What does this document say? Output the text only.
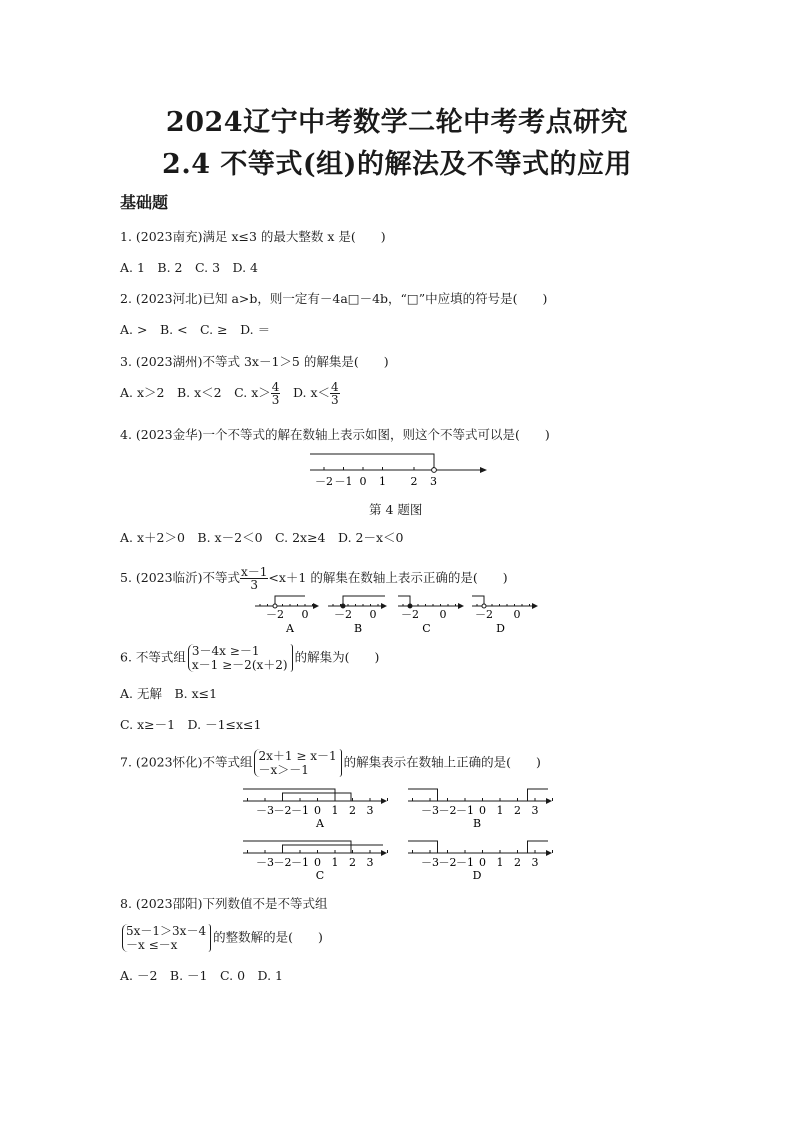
2024辽宁中考数学二轮中考考点研究
2.4 不等式(组)的解法及不等式的应用
基础题
1. (2023南充)满足 x≤3 的最大整数 x 是(　　)
A. 1　B. 2　C. 3　D. 4
2. (2023河北)已知 a>b，则一定有－4a□－4b，“□”中应填的符号是(　　)
A. >　B. <　C. ≥　D. ＝
3. (2023湖州)不等式 3x－1＞5 的解集是(　　)
A. x＞2　 B. x＜2　 C. $x> \frac{4}{3}$
　 D. $x< \frac{4}{3}$
4. (2023金华)一个不等式的解在数轴上表示如图，则这个不等式可以是(　　)
－2 －1 0 1 2 3
第 4 题图
A. x＋2＞0　B. x－2＜0　C. 2x≥4　D. 2－x＜0
5. (2023临沂)不等式 $\frac{x-1}{3} <x+1$ 的解集在数轴上表示正确的是(　　)
－2 0
A
－2 0
B
－2 0
C
－2 0
D
6. 不等式组 3－4x ≥－1
x－1 ≥－2(x＋2)
的解集为(　　)
A. 无解　B. x≤1
C. x≥－1　D. －1≤x≤1
7. (2023怀化)不等式组 2x＋1 ≥ x－1
－x＞－1
的解集表示在数轴上正确的是(　　)
－3 －2 －1 0 1 2 3
A
－3 －2 －1 0 1 2 3
B
－3 －2 －1 0 1 2 3
C
－3 －2 －1 0 1 2 3
D
8. (2023邵阳)下列数值不是不等式组
5x－1＞3x－4
－x ≤－x
的整数解的是(　　)
A. －2　B. －1　C. 0　D. 1
